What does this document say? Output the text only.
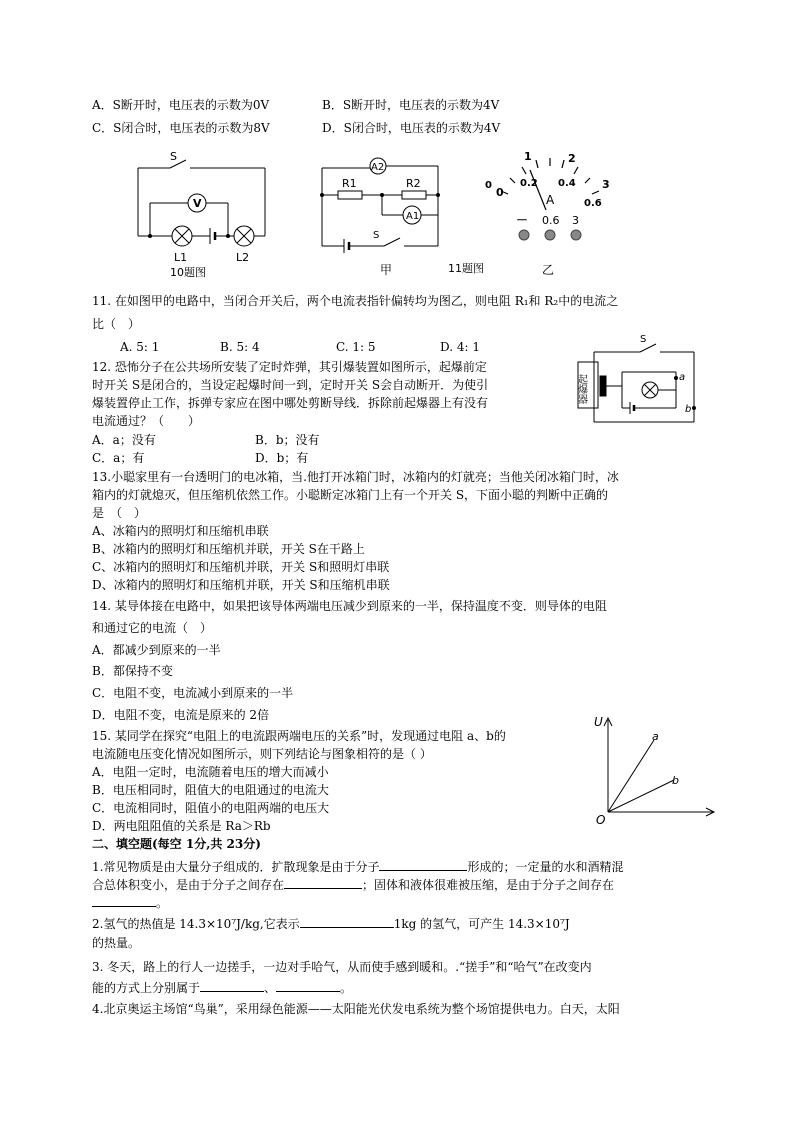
A．S断开时，电压表的示数为0V	B．S断开时，电压表的示数为4V
C．S闭合时，电压表的示数为8V	D．S闭合时，电压表的示数为4V
S
V
L1	L2
10题图
A2
A1
R1	R2
S
甲	11题图
0
1	2
3
0	0.2 0.4
0.6
A
－ 0.6 3
乙
11. 在如图甲的电路中，当闭合开关后，两个电流表指针偏转均为图乙，则电阻 R₁和 R₂中的电流之
比（　）
A. 5: 1	B. 5: 4	C. 1: 5	D. 4: 1
12. 恐怖分子在公共场所安装了定时炸弹，其引爆装置如图所示，起爆前定
时开关 S是闭合的，当设定起爆时间一到，定时开关 S会自动断开．为使引
爆装置停止工作，拆弹专家应在图中哪处剪断导线．拆除前起爆器上有没有
电流通过？（　　）
A．a；没有	B．b；没有
C．a；有	D．b；有
S
起爆器	a
b
13.小聪家里有一台透明门的电冰箱，当.他打开冰箱门时，冰箱内的灯就亮；当他关闭冰箱门时，冰
箱内的灯就熄灭，但压缩机依然工作。小聪断定冰箱门上有一个开关 S，下面小聪的判断中正确的
是　（　）
A、冰箱内的照明灯和压缩机串联
B、冰箱内的照明灯和压缩机并联，开关 S在干路上
C、冰箱内的照明灯和压缩机并联，开关 S和照明灯串联
D、冰箱内的照明灯和压缩机并联，开关 S和压缩机串联
14. 某导体接在电路中，如果把该导体两端电压减少到原来的一半，保持温度不变．则导体的电阻
和通过它的电流（　）
A．都减少到原来的一半
B．都保持不变
C．电阻不变，电流减小到原来的一半
D．电阻不变，电流是原来的 2倍
15. 某同学在探究“电阻上的电流跟两端电压的关系”时，发现通过电阻 a、b的
电流随电压变化情况如图所示，则下列结论与图象相符的是（ ）
A．电阻一定时，电流随着电压的增大而减小
B．电压相同时，阻值大的电阻通过的电流大
C．电流相同时，阻值小的电阻两端的电压大
D．两电阻阻值的关系是 Ra＞Rb
U
O
a
b
二、填空题(每空 1分,共 23分)
1.常见物质是由大量分子组成的．扩散现象是由于分子	形成的；一定量的水和酒精混
合总体积变小，是由于分子之间存在	；固体和液体很难被压缩，是由于分子之间存在
。
2.氢气的热值是 14.3×10⁷J/kg,它表示	1kg 的氢气，可产生 14.3×10⁷J
的热量。
3. 冬天，路上的行人一边搓手，一边对手哈气，从而使手感到暖和。.“搓手”和“哈气”在改变内
能的方式上分别属于	、	。
4.北京奥运主场馆“鸟巢”，采用绿色能源——太阳能光伏发电系统为整个场馆提供电力。白天，太阳
